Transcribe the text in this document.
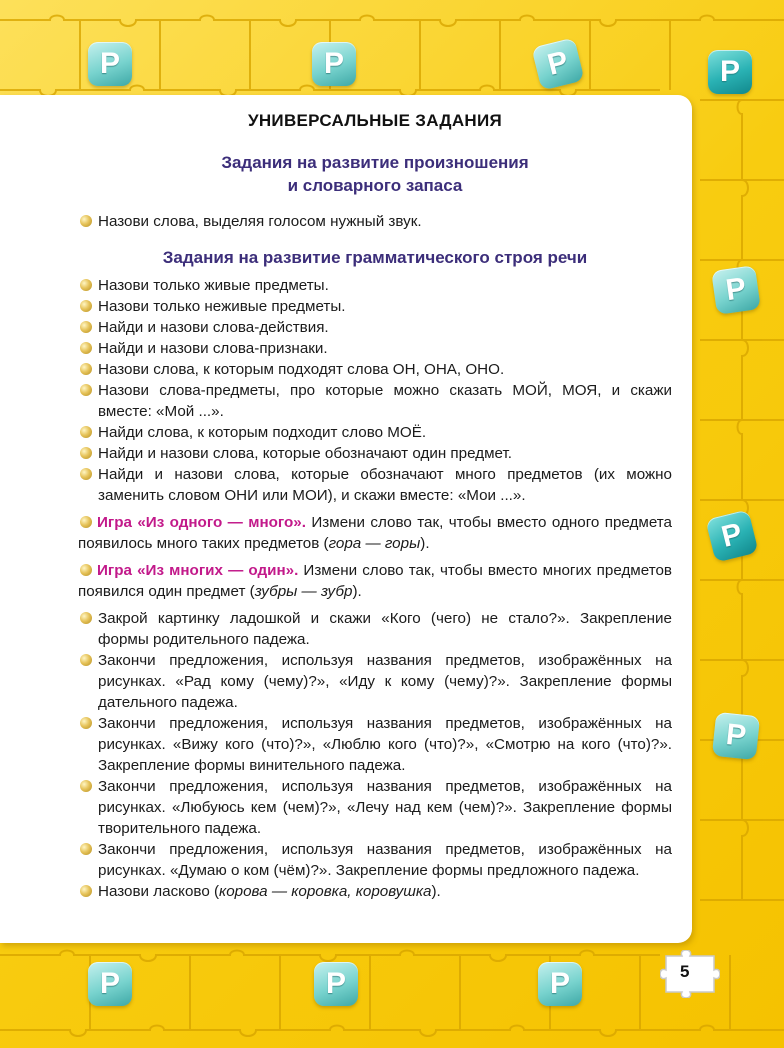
Р	Р	Р	Р
Р
Р
Р
Р	Р	Р	5
УНИВЕРСАЛЬНЫЕ ЗАДАНИЯ
Задания на развитие произношения
и словарного запаса
Назови слова, выделяя голосом нужный звук.
Задания на развитие грамматического строя речи
Назови только живые предметы.
Назови только неживые предметы.
Найди и назови слова-действия.
Найди и назови слова-признаки.
Назови слова, к которым подходят слова ОН, ОНА, ОНО.
Назови слова-предметы, про которые можно сказать МОЙ, МОЯ, и скажи вместе: «Мой ...».
Найди слова, к которым подходит слово МОЁ.
Найди и назови слова, которые обозначают один предмет.
Найди и назови слова, которые обозначают много предметов (их можно заменить словом ОНИ или МОИ), и скажи вместе: «Мои ...».
Игра «Из одного — много». Измени слово так, чтобы вместо одного предмета появилось много таких предметов (гора — горы).
Игра «Из многих — один». Измени слово так, чтобы вместо многих предметов появился один предмет (зубры — зубр).
Закрой картинку ладошкой и скажи «Кого (чего) не стало?». Закрепление формы родительного падежа.
Закончи предложения, используя названия предметов, изображённых на рисунках. «Рад кому (чему)?», «Иду к кому (чему)?». Закрепление формы дательного падежа.
Закончи предложения, используя названия предметов, изображённых на рисунках. «Вижу кого (что)?», «Люблю кого (что)?», «Смотрю на кого (что)?». Закрепление формы винительного падежа.
Закончи предложения, используя названия предметов, изображённых на рисунках. «Любуюсь кем (чем)?», «Лечу над кем (чем)?». Закрепление формы творительного падежа.
Закончи предложения, используя названия предметов, изображённых на рисунках. «Думаю о ком (чём)?». Закрепление формы предложного падежа.
Назови ласково (корова — коровка, коровушка).
